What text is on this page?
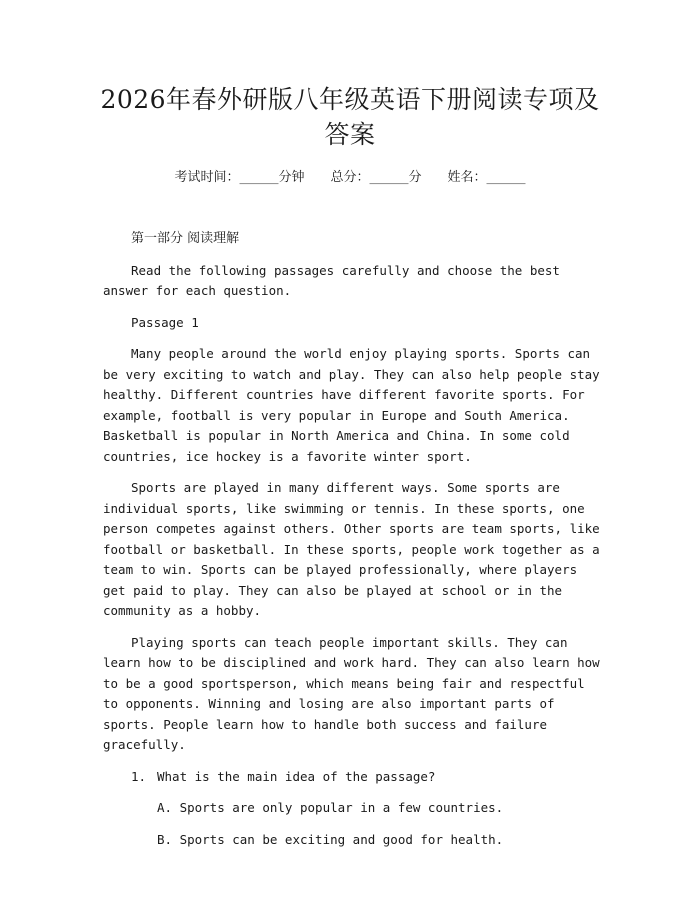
2026年春外研版八年级英语下册阅读专项及答案
考试时间：______分钟 总分：______分 姓名：______

第一部分 阅读理解

Read the following passages carefully and choose the best answer for each question.

Passage 1

Many people around the world enjoy playing sports. Sports can be very exciting to watch and play. They can also help people stay healthy. Different countries have different favorite sports. For example, football is very popular in Europe and South America. Basketball is popular in North America and China. In some cold countries, ice hockey is a favorite winter sport.

Sports are played in many different ways. Some sports are individual sports, like swimming or tennis. In these sports, one person competes against others. Other sports are team sports, like football or basketball. In these sports, people work together as a team to win. Sports can be played professionally, where players get paid to play. They can also be played at school or in the community as a hobby.

Playing sports can teach people important skills. They can learn how to be disciplined and work hard. They can also learn how to be a good sportsperson, which means being fair and respectful to opponents. Winning and losing are also important parts of sports. People learn how to handle both success and failure gracefully.

1. What is the main idea of the passage?
A. Sports are only popular in a few countries.
B. Sports can be exciting and good for health.
